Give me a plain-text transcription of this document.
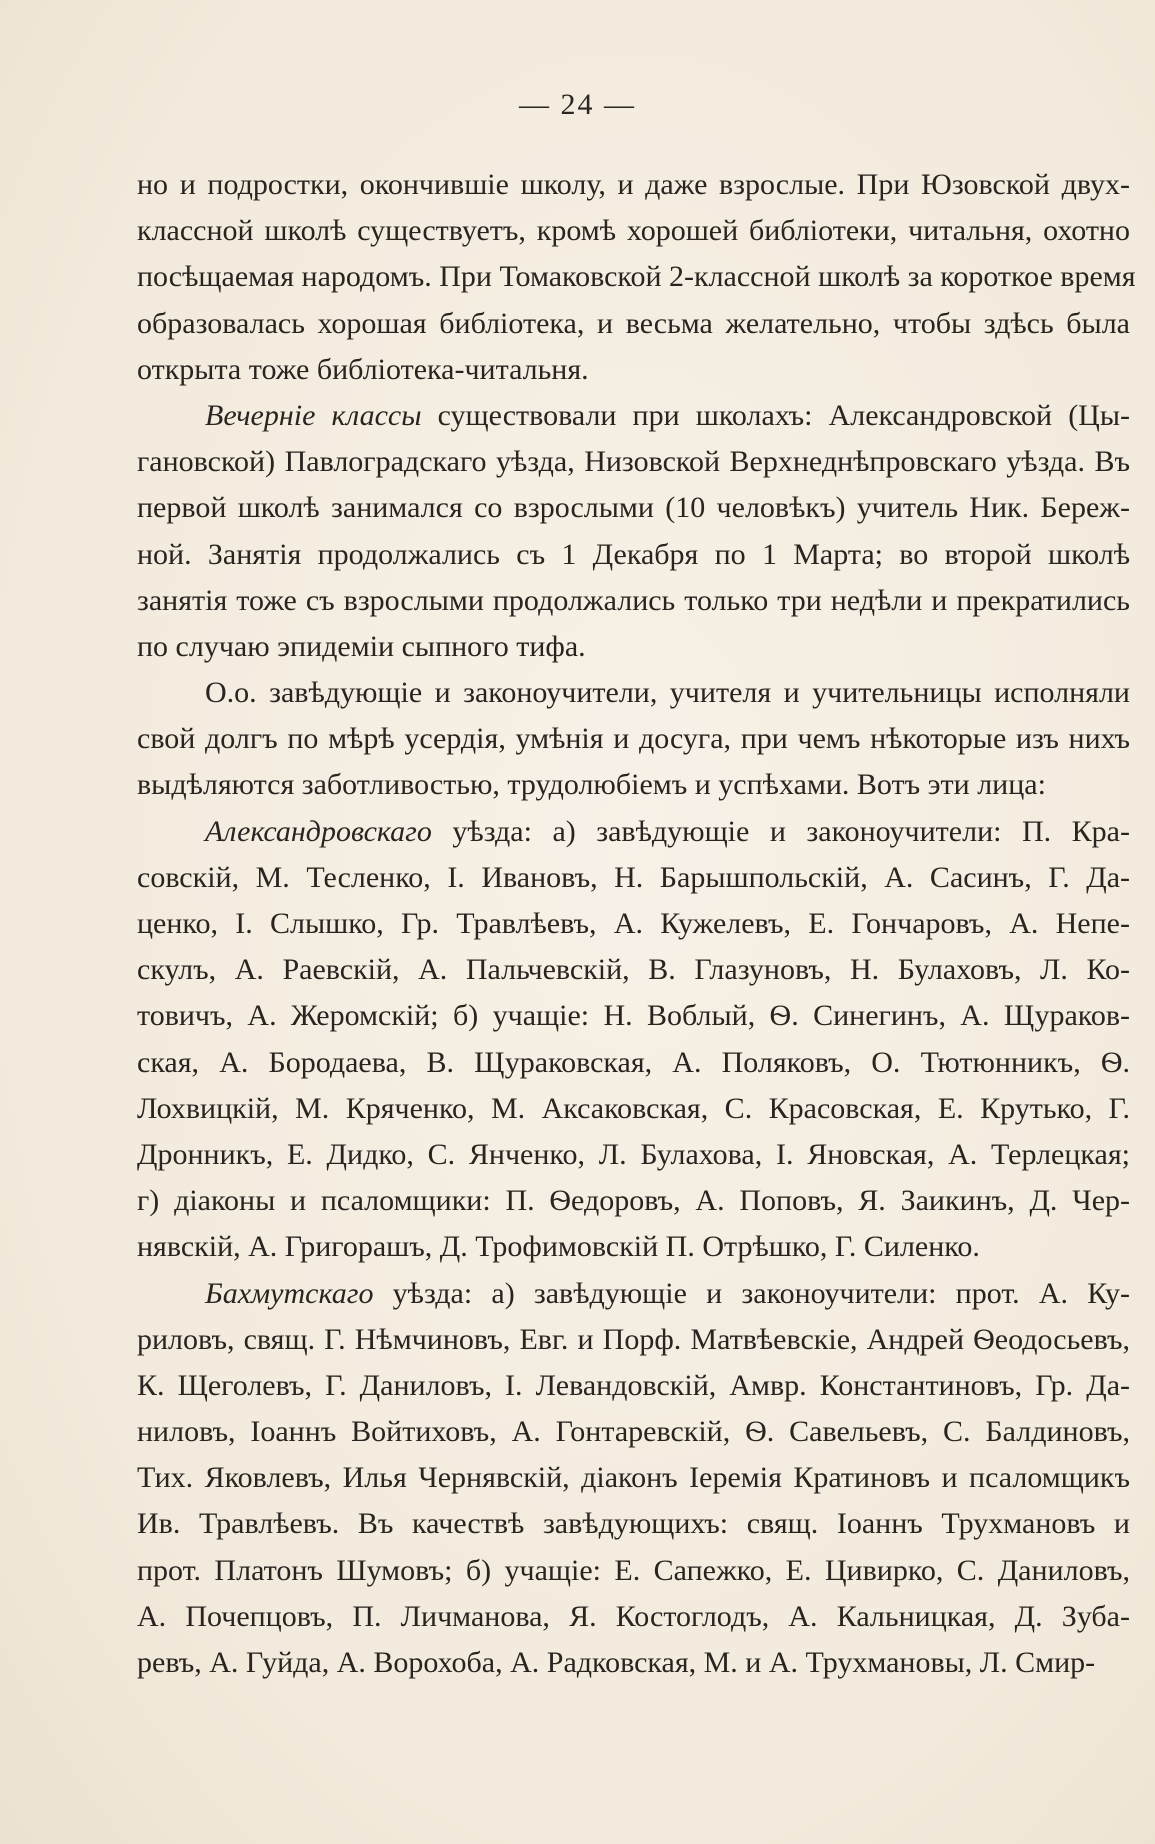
— 24 —
но и подростки, окончившіе школу, и даже взрослые. При Юзовской двух-
классной школѣ существуетъ, кромѣ хорошей библіотеки, читальня, охотно
посѣщаемая народомъ. При Томаковской 2-классной школѣ за короткое время
образовалась хорошая библіотека, и весьма желательно, чтобы здѣсь была
открыта тоже библіотека-читальня.
Вечерніе классы существовали при школахъ: Александровской (Цы-
гановской) Павлоградскаго уѣзда, Низовской Верхнеднѣпровскаго уѣзда. Въ
первой школѣ занимался со взрослыми (10 человѣкъ) учитель Ник. Береж-
ной. Занятія продолжались съ 1 Декабря по 1 Марта; во второй школѣ
занятія тоже съ взрослыми продолжались только три недѣли и прекратились
по случаю эпидеміи сыпного тифа.
О.о. завѣдующіе и законоучители, учителя и учительницы исполняли
свой долгъ по мѣрѣ усердія, умѣнія и досуга, при чемъ нѣкоторые изъ нихъ
выдѣляются заботливостью, трудолюбіемъ и успѣхами. Вотъ эти лица:
Александровскаго уѣзда: а) завѣдующіе и законоучители: П. Кра-
совскій, М. Тесленко, І. Ивановъ, Н. Барышпольскій, А. Сасинъ, Г. Да-
ценко, І. Слышко, Гр. Травлѣевъ, А. Кужелевъ, Е. Гончаровъ, А. Непе-
скулъ, А. Раевскій, А. Пальчевскій, В. Глазуновъ, Н. Булаховъ, Л. Ко-
товичъ, А. Жеромскій; б) учащіе: Н. Воблый, Ѳ. Синегинъ, А. Щураков-
ская, А. Бородаева, В. Щураковская, А. Поляковъ, О. Тютюнникъ, Ѳ.
Лохвицкій, М. Кряченко, М. Аксаковская, С. Красовская, Е. Крутько, Г.
Дронникъ, Е. Дидко, С. Янченко, Л. Булахова, І. Яновская, А. Терлецкая;
г) діаконы и псаломщики: П. Ѳедоровъ, А. Поповъ, Я. Заикинъ, Д. Чер-
нявскій, А. Григорашъ, Д. Трофимовскій П. Отрѣшко, Г. Силенко.
Бахмутскаго уѣзда: а) завѣдующіе и законоучители: прот. А. Ку-
риловъ, свящ. Г. Нѣмчиновъ, Евг. и Порф. Матвѣевскіе, Андрей Ѳеодосьевъ,
К. Щеголевъ, Г. Даниловъ, І. Левандовскій, Амвр. Константиновъ, Гр. Да-
ниловъ, Іоаннъ Войтиховъ, А. Гонтаревскій, Ѳ. Савельевъ, С. Балдиновъ,
Тих. Яковлевъ, Илья Чернявскій, діаконъ Іеремія Кратиновъ и псаломщикъ
Ив. Травлѣевъ. Въ качествѣ завѣдующихъ: свящ. Іоаннъ Трухмановъ и
прот. Платонъ Шумовъ; б) учащіе: Е. Сапежко, Е. Цивирко, С. Даниловъ,
А. Почепцовъ, П. Личманова, Я. Костоглодъ, А. Кальницкая, Д. Зуба-
ревъ, А. Гуйда, А. Ворохоба, А. Радковская, М. и А. Трухмановы, Л. Смир-
